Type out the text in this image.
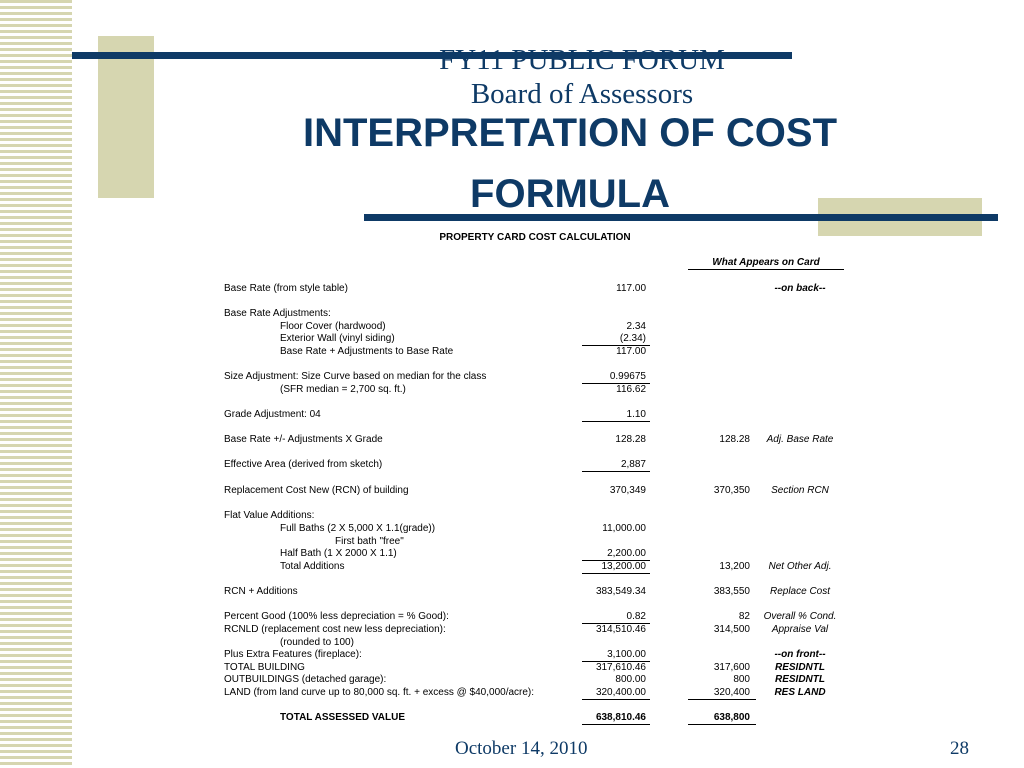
FY11 PUBLIC FORUM
Board of Assessors
INTERPRETATION OF COST
FORMULA
PROPERTY CARD COST CALCULATION
What Appears on Card
Base Rate (from style table)	117.00	--on back--
Base Rate Adjustments:
Floor Cover (hardwood)	2.34
Exterior Wall (vinyl siding)	(2.34)
Base Rate + Adjustments to Base Rate	117.00
Size Adjustment: Size Curve based on median for the class	0.99675
(SFR median = 2,700 sq. ft.)	116.62
Grade Adjustment: 04	1.10
Base Rate +/- Adjustments X Grade	128.28	128.28	Adj. Base Rate
Effective Area (derived from sketch)	2,887
Replacement Cost New (RCN) of building	370,349	370,350	Section RCN
Flat Value Additions:
Full Baths (2 X 5,000 X 1.1(grade))	11,000.00
First bath "free"
Half Bath (1 X 2000 X 1.1)	2,200.00
Total Additions	13,200.00	13,200	Net Other Adj.
RCN + Additions	383,549.34	383,550	Replace Cost
Percent Good (100% less depreciation = % Good):	0.82	82	Overall % Cond.
RCNLD (replacement cost new less depreciation):	314,510.46	314,500	Appraise Val
(rounded to 100)
Plus Extra Features (fireplace):	3,100.00	--on front--
TOTAL BUILDING	317,610.46	317,600	RESIDNTL
OUTBUILDINGS (detached garage):	800.00	800	RESIDNTL
LAND (from land curve up to 80,000 sq. ft. + excess @ $40,000/acre):	320,400.00	320,400	RES LAND
TOTAL ASSESSED VALUE	638,810.46	638,800
October 14, 2010	28
